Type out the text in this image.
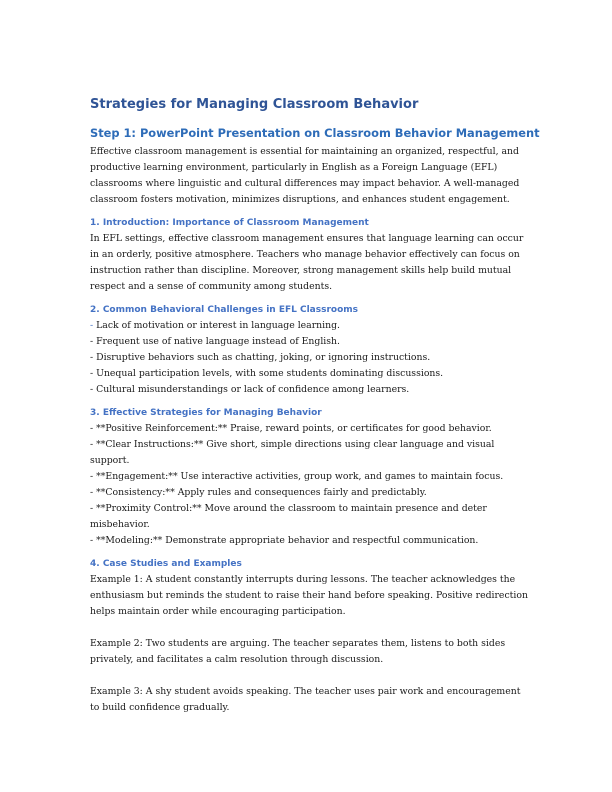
Strategies for Managing Classroom Behavior
Step 1: PowerPoint Presentation on Classroom Behavior Management

Effective classroom management is essential for maintaining an organized, respectful, and productive learning environment, particularly in English as a Foreign Language (EFL) classrooms where linguistic and cultural differences may impact behavior. A well-managed classroom fosters motivation, minimizes disruptions, and enhances student engagement.

1. Introduction: Importance of Classroom Management

In EFL settings, effective classroom management ensures that language learning can occur in an orderly, positive atmosphere. Teachers who manage behavior effectively can focus on instruction rather than discipline. Moreover, strong management skills help build mutual respect and a sense of community among students.

2. Common Behavioral Challenges in EFL Classrooms
- Lack of motivation or interest in language learning.
- Frequent use of native language instead of English.
- Disruptive behaviors such as chatting, joking, or ignoring instructions.
- Unequal participation levels, with some students dominating discussions.
- Cultural misunderstandings or lack of confidence among learners.
3. Effective Strategies for Managing Behavior
- **Positive Reinforcement:** Praise, reward points, or certificates for good behavior.
- **Clear Instructions:** Give short, simple directions using clear language and visual support.
- **Engagement:** Use interactive activities, group work, and games to maintain focus.
- **Consistency:** Apply rules and consequences fairly and predictably.
- **Proximity Control:** Move around the classroom to maintain presence and deter misbehavior.
- **Modeling:** Demonstrate appropriate behavior and respectful communication.
4. Case Studies and Examples

Example 1: A student constantly interrupts during lessons. The teacher acknowledges the enthusiasm but reminds the student to raise their hand before speaking. Positive redirection helps maintain order while encouraging participation.

Example 2: Two students are arguing. The teacher separates them, listens to both sides privately, and facilitates a calm resolution through discussion.

Example 3: A shy student avoids speaking. The teacher uses pair work and encouragement to build confidence gradually.
